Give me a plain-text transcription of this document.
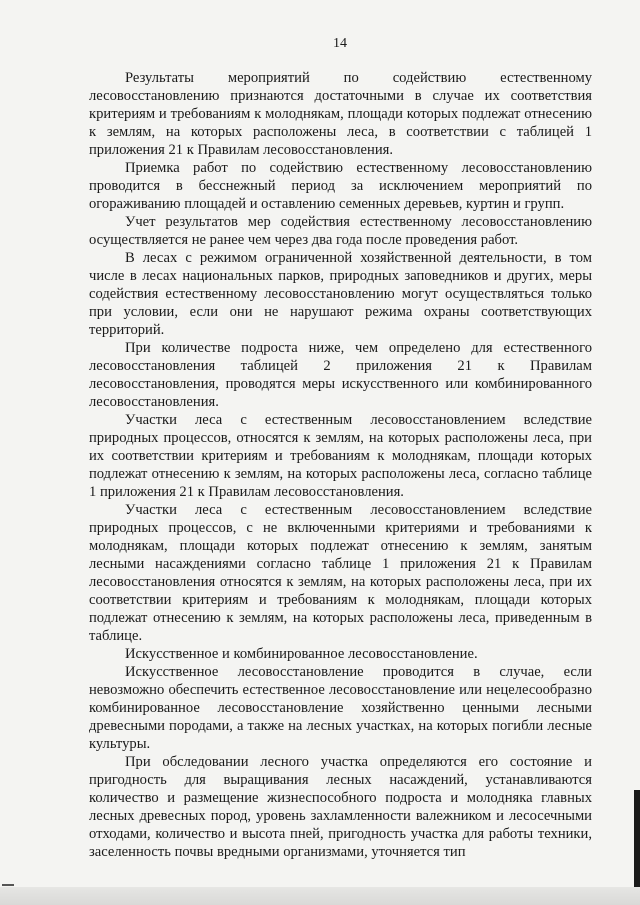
14

Результаты мероприятий по содействию естественному лесовосстановлению признаются достаточными в случае их соответствия критериям и требованиям к молоднякам, площади которых подлежат отнесению к землям, на которых расположены леса, в соответствии с таблицей 1 приложения 21 к Правилам лесовосстановления.

Приемка работ по содействию естественному лесовосстановлению проводится в бесснежный период за исключением мероприятий по огораживанию площадей и оставлению семенных деревьев, куртин и групп.

Учет результатов мер содействия естественному лесовосстановлению осуществляется не ранее чем через два года после проведения работ.

В лесах с режимом ограниченной хозяйственной деятельности, в том числе в лесах национальных парков, природных заповедников и других, меры содействия естественному лесовосстановлению могут осуществляться только при условии, если они не нарушают режима охраны соответствующих территорий.

При количестве подроста ниже, чем определено для естественного лесовосстановления таблицей 2 приложения 21 к Правилам лесовосстановления, проводятся меры искусственного или комбинированного лесовосстановления.

Участки леса с естественным лесовосстановлением вследствие природных процессов, относятся к землям, на которых расположены леса, при их соответствии критериям и требованиям к молоднякам, площади которых подлежат отнесению к землям, на которых расположены леса, согласно таблице 1 приложения 21 к Правилам лесовосстановления.

Участки леса с естественным лесовосстановлением вследствие природных процессов, с не включенными критериями и требованиями к молоднякам, площади которых подлежат отнесению к землям, занятым лесными насаждениями согласно таблице 1 приложения 21 к Правилам лесовосстановления относятся к землям, на которых расположены леса, при их соответствии критериям и требованиям к молоднякам, площади которых подлежат отнесению к землям, на которых расположены леса, приведенным в таблице.

Искусственное и комбинированное лесовосстановление.

Искусственное лесовосстановление проводится в случае, если невозможно обеспечить естественное лесовосстановление или нецелесообразно комбинированное лесовосстановление хозяйственно ценными лесными древесными породами, а также на лесных участках, на которых погибли лесные культуры.

При обследовании лесного участка определяются его состояние и пригодность для выращивания лесных насаждений, устанавливаются количество и размещение жизнеспособного подроста и молодняка главных лесных древесных пород, уровень захламленности валежником и лесосечными отходами, количество и высота пней, пригодность участка для работы техники, заселенность почвы вредными организмами, уточняется тип
